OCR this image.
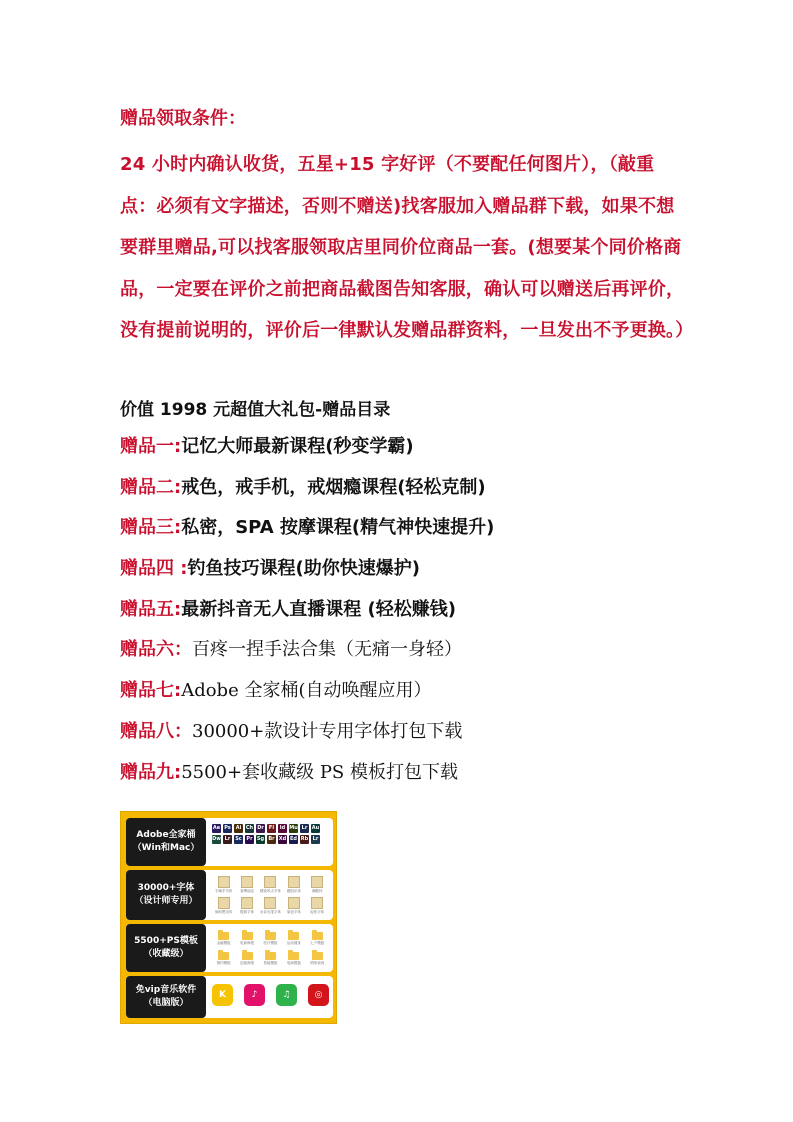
赠品领取条件：
24 小时内确认收货，五星+15 字好评（不要配任何图片），（敲重点：必须有文字描述，否则不赠送)找客服加入赠品群下载，如果不想要群里赠品,可以找客服领取店里同价位商品一套。(想要某个同价格商品，一定要在评价之前把商品截图告知客服，确认可以赠送后再评价，没有提前说明的，评价后一律默认发赠品群资料，一旦发出不予更换。）
价值 1998 元超值大礼包-赠品目录
赠品一:记忆大师最新课程(秒变学霸)
赠品二:戒色，戒手机，戒烟瘾课程(轻松克制)
赠品三:私密，SPA 按摩课程(精气神快速提升)
赠品四 :钓鱼技巧课程(助你快速爆护)
赠品五:最新抖音无人直播课程 (轻松赚钱)
赠品六：百疼一捏手法合集（无痛一身轻）
赠品七:Adobe 全家桶(自动唤醒应用）
赠品八：30000+款设计专用字体打包下载
赠品九:5500+套收藏级 PS 模板打包下载
Adobe全家桶
（Win和Mac）
Ae Ps Ai Ch Dr	Fl	Id Mu Lr Au
Dw Lr Sc Pr Sg Br Xd Ed Rb Lr
30000+字体
（设计师专用）
字魂手书体 赛博朋克 精致风太平体 趣凯乐体	潮酷体
倾斜黑宋体 极简字体 水彩毛笔字体 原创字体	轻松字体
5500+PS模板
（收藏级）
金融模板	电商海报	医疗模板	运动健身	七夕模板
简约模板	创意海报	智能模板	电商模板	圆形表现
免vip音乐软件
（电脑版）
K	♪	♫	◎
